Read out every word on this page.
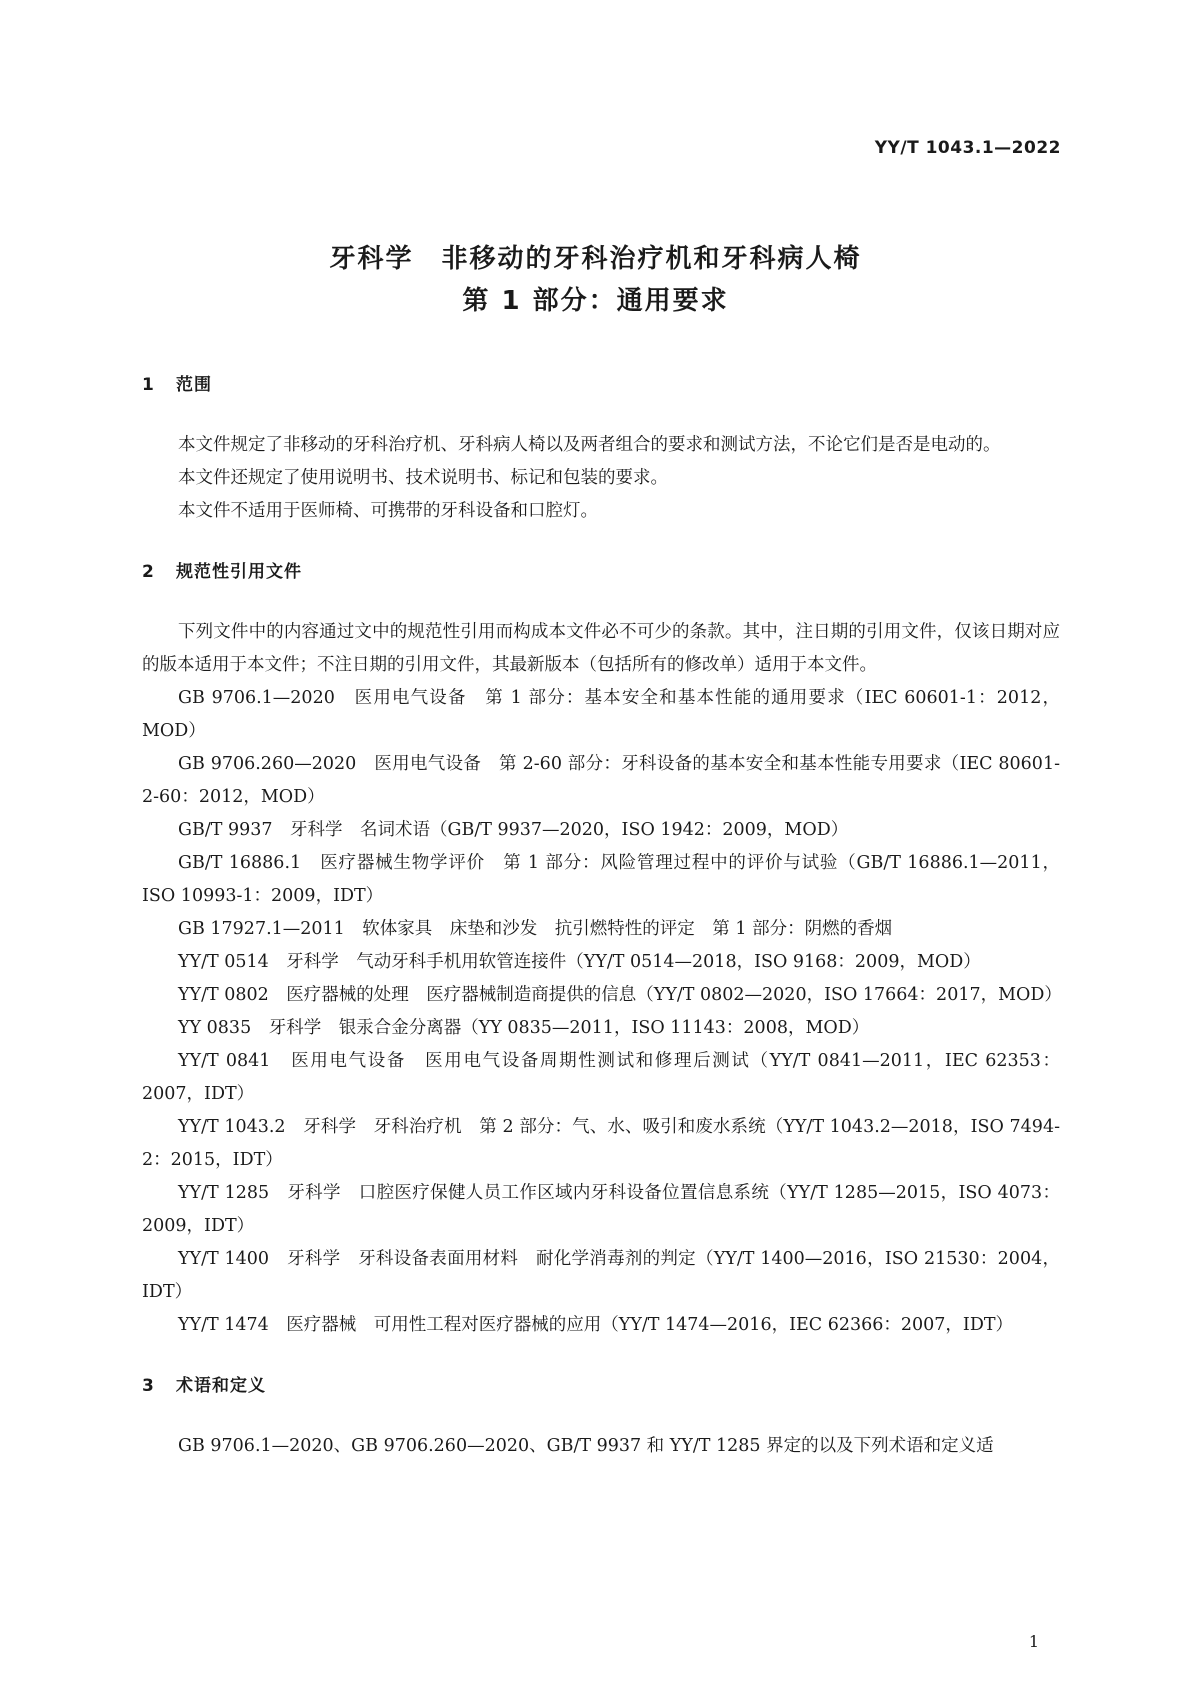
YY/T 1043.1—2022
牙科学　非移动的牙科治疗机和牙科病人椅
第 1 部分：通用要求
1 范围

本文件规定了非移动的牙科治疗机、牙科病人椅以及两者组合的要求和测试方法，不论它们是否是电动的。

本文件还规定了使用说明书、技术说明书、标记和包装的要求。

本文件不适用于医师椅、可携带的牙科设备和口腔灯。

2 规范性引用文件

下列文件中的内容通过文中的规范性引用而构成本文件必不可少的条款。其中，注日期的引用文件，仅该日期对应的版本适用于本文件；不注日期的引用文件，其最新版本（包括所有的修改单）适用于本文件。

GB 9706.1—2020　医用电气设备　第 1 部分：基本安全和基本性能的通用要求（IEC 60601-1：2012，MOD）

GB 9706.260—2020　医用电气设备　第 2-60 部分：牙科设备的基本安全和基本性能专用要求（IEC 80601-2-60：2012，MOD）

GB/T 9937　牙科学　名词术语（GB/T 9937—2020，ISO 1942：2009，MOD）

GB/T 16886.1　医疗器械生物学评价　第 1 部分：风险管理过程中的评价与试验（GB/T 16886.1—2011，ISO 10993-1：2009，IDT）

GB 17927.1—2011　软体家具　床垫和沙发　抗引燃特性的评定　第 1 部分：阴燃的香烟

YY/T 0514　牙科学　气动牙科手机用软管连接件（YY/T 0514—2018，ISO 9168：2009，MOD）

YY/T 0802　医疗器械的处理　医疗器械制造商提供的信息（YY/T 0802—2020，ISO 17664：2017，MOD）

YY 0835　牙科学　银汞合金分离器（YY 0835—2011，ISO 11143：2008，MOD）

YY/T 0841　医用电气设备　医用电气设备周期性测试和修理后测试（YY/T 0841—2011，IEC 62353：2007，IDT）

YY/T 1043.2　牙科学　牙科治疗机　第 2 部分：气、水、吸引和废水系统（YY/T 1043.2—2018，ISO 7494-2：2015，IDT）

YY/T 1285　牙科学　口腔医疗保健人员工作区域内牙科设备位置信息系统（YY/T 1285—2015，ISO 4073：2009，IDT）

YY/T 1400　牙科学　牙科设备表面用材料　耐化学消毒剂的判定（YY/T 1400—2016，ISO 21530：2004，IDT）

YY/T 1474　医疗器械　可用性工程对医疗器械的应用（YY/T 1474—2016，IEC 62366：2007，IDT）

3 术语和定义

GB 9706.1—2020、GB 9706.260—2020、GB/T 9937 和 YY/T 1285 界定的以及下列术语和定义适

1
